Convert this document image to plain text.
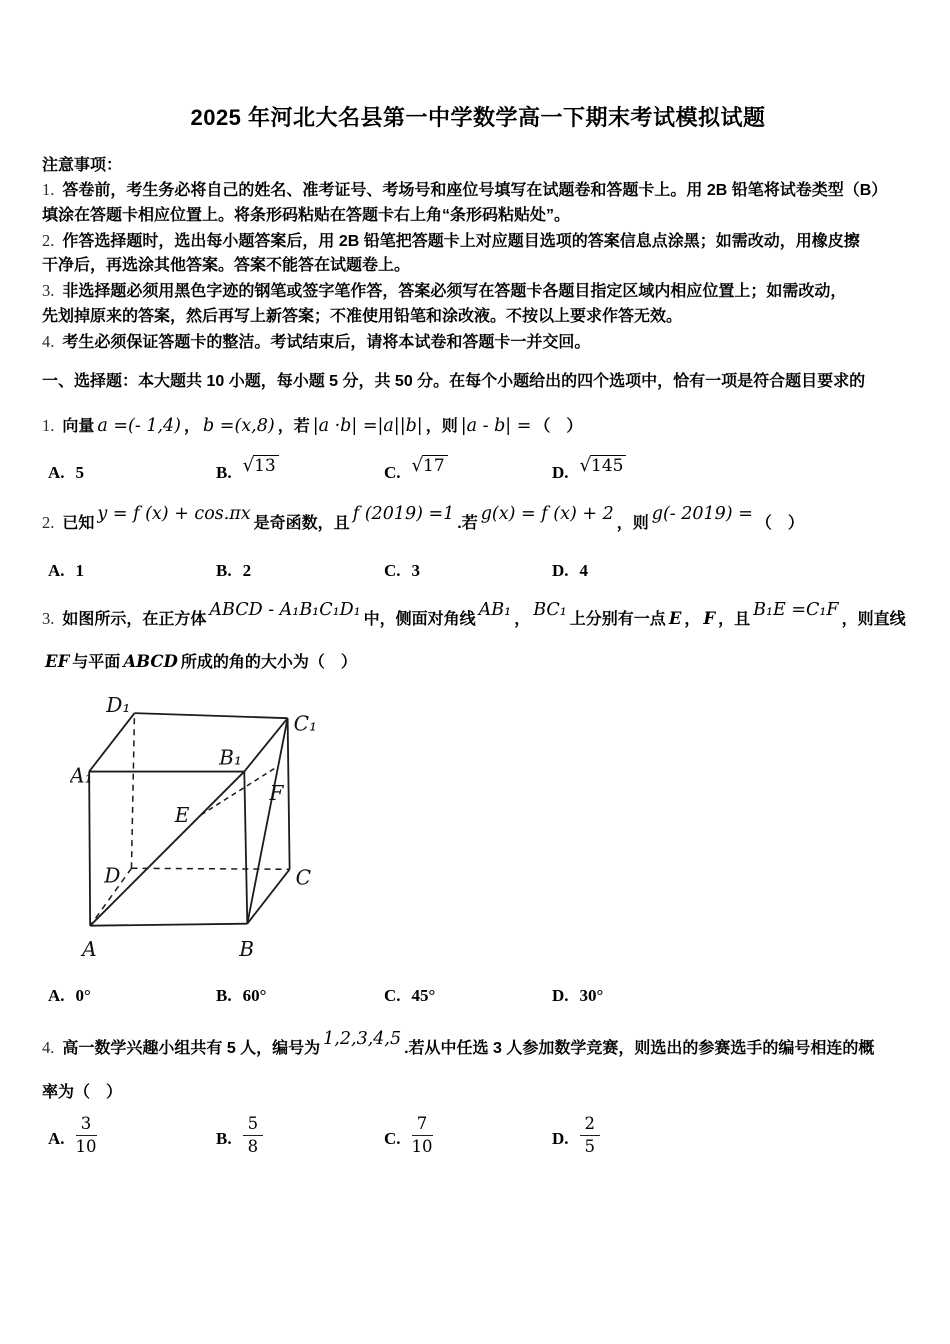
2025 年河北大名县第一中学数学高一下期末考试模拟试题
注意事项：
1. 答卷前，考生务必将自己的姓名、准考证号、考场号和座位号填写在试题卷和答题卡上。用 2B 铅笔将试卷类型（B）
填涂在答题卡相应位置上。将条形码粘贴在答题卡右上角“条形码粘贴处”。
2. 作答选择题时，选出每小题答案后，用 2B 铅笔把答题卡上对应题目选项的答案信息点涂黑；如需改动，用橡皮擦
干净后，再选涂其他答案。答案不能答在试题卷上。
3. 非选择题必须用黑色字迹的钢笔或签字笔作答，答案必须写在答题卡各题目指定区域内相应位置上；如需改动，
先划掉原来的答案，然后再写上新答案；不准使用铅笔和涂改液。不按以上要求作答无效。
4. 考生必须保证答题卡的整洁。考试结束后，请将本试卷和答题卡一并交回。
一、选择题：本大题共 10 小题，每小题 5 分，共 50 分。在每个小题给出的四个选项中，恰有一项是符合题目要求的
1. 向量 a =(- 1,4) ， b =(x,8) ，若 |a ·b| =|a||b| ，则 |a - b| = （　）
A. 5	B. √13	C. √17	D. √145
2. 已知 y = f (x) + cos.πx 是奇函数，且 f (2019) =1 .若 g(x) = f (x) + 2 ，则 g(- 2019) = （　）
A. 1	B. 2	C. 3	D. 4
3. 如图所示，在正方体 ABCD - A₁B₁C₁D₁ 中，侧面对角线 AB₁ ， BC₁ 上分别有一点 E ， F ，且 B₁E =C₁F ，则直线
EF 与平面 ABCD 所成的角的大小为（　）
D₁
C₁
A₁
B₁
E
F
D	C
A	B
A. 0°	B. 60°	C. 45°	D. 30°
4. 高一数学兴趣小组共有 5 人，编号为 1,2,3,4,5 .若从中任选 3 人参加数学竞赛，则选出的参赛选手的编号相连的概
率为（　）
A. $\frac{3}{10}$	B. $\frac{5}{8}$	C. $\frac{7}{10}$	D. $\frac{2}{5}$
